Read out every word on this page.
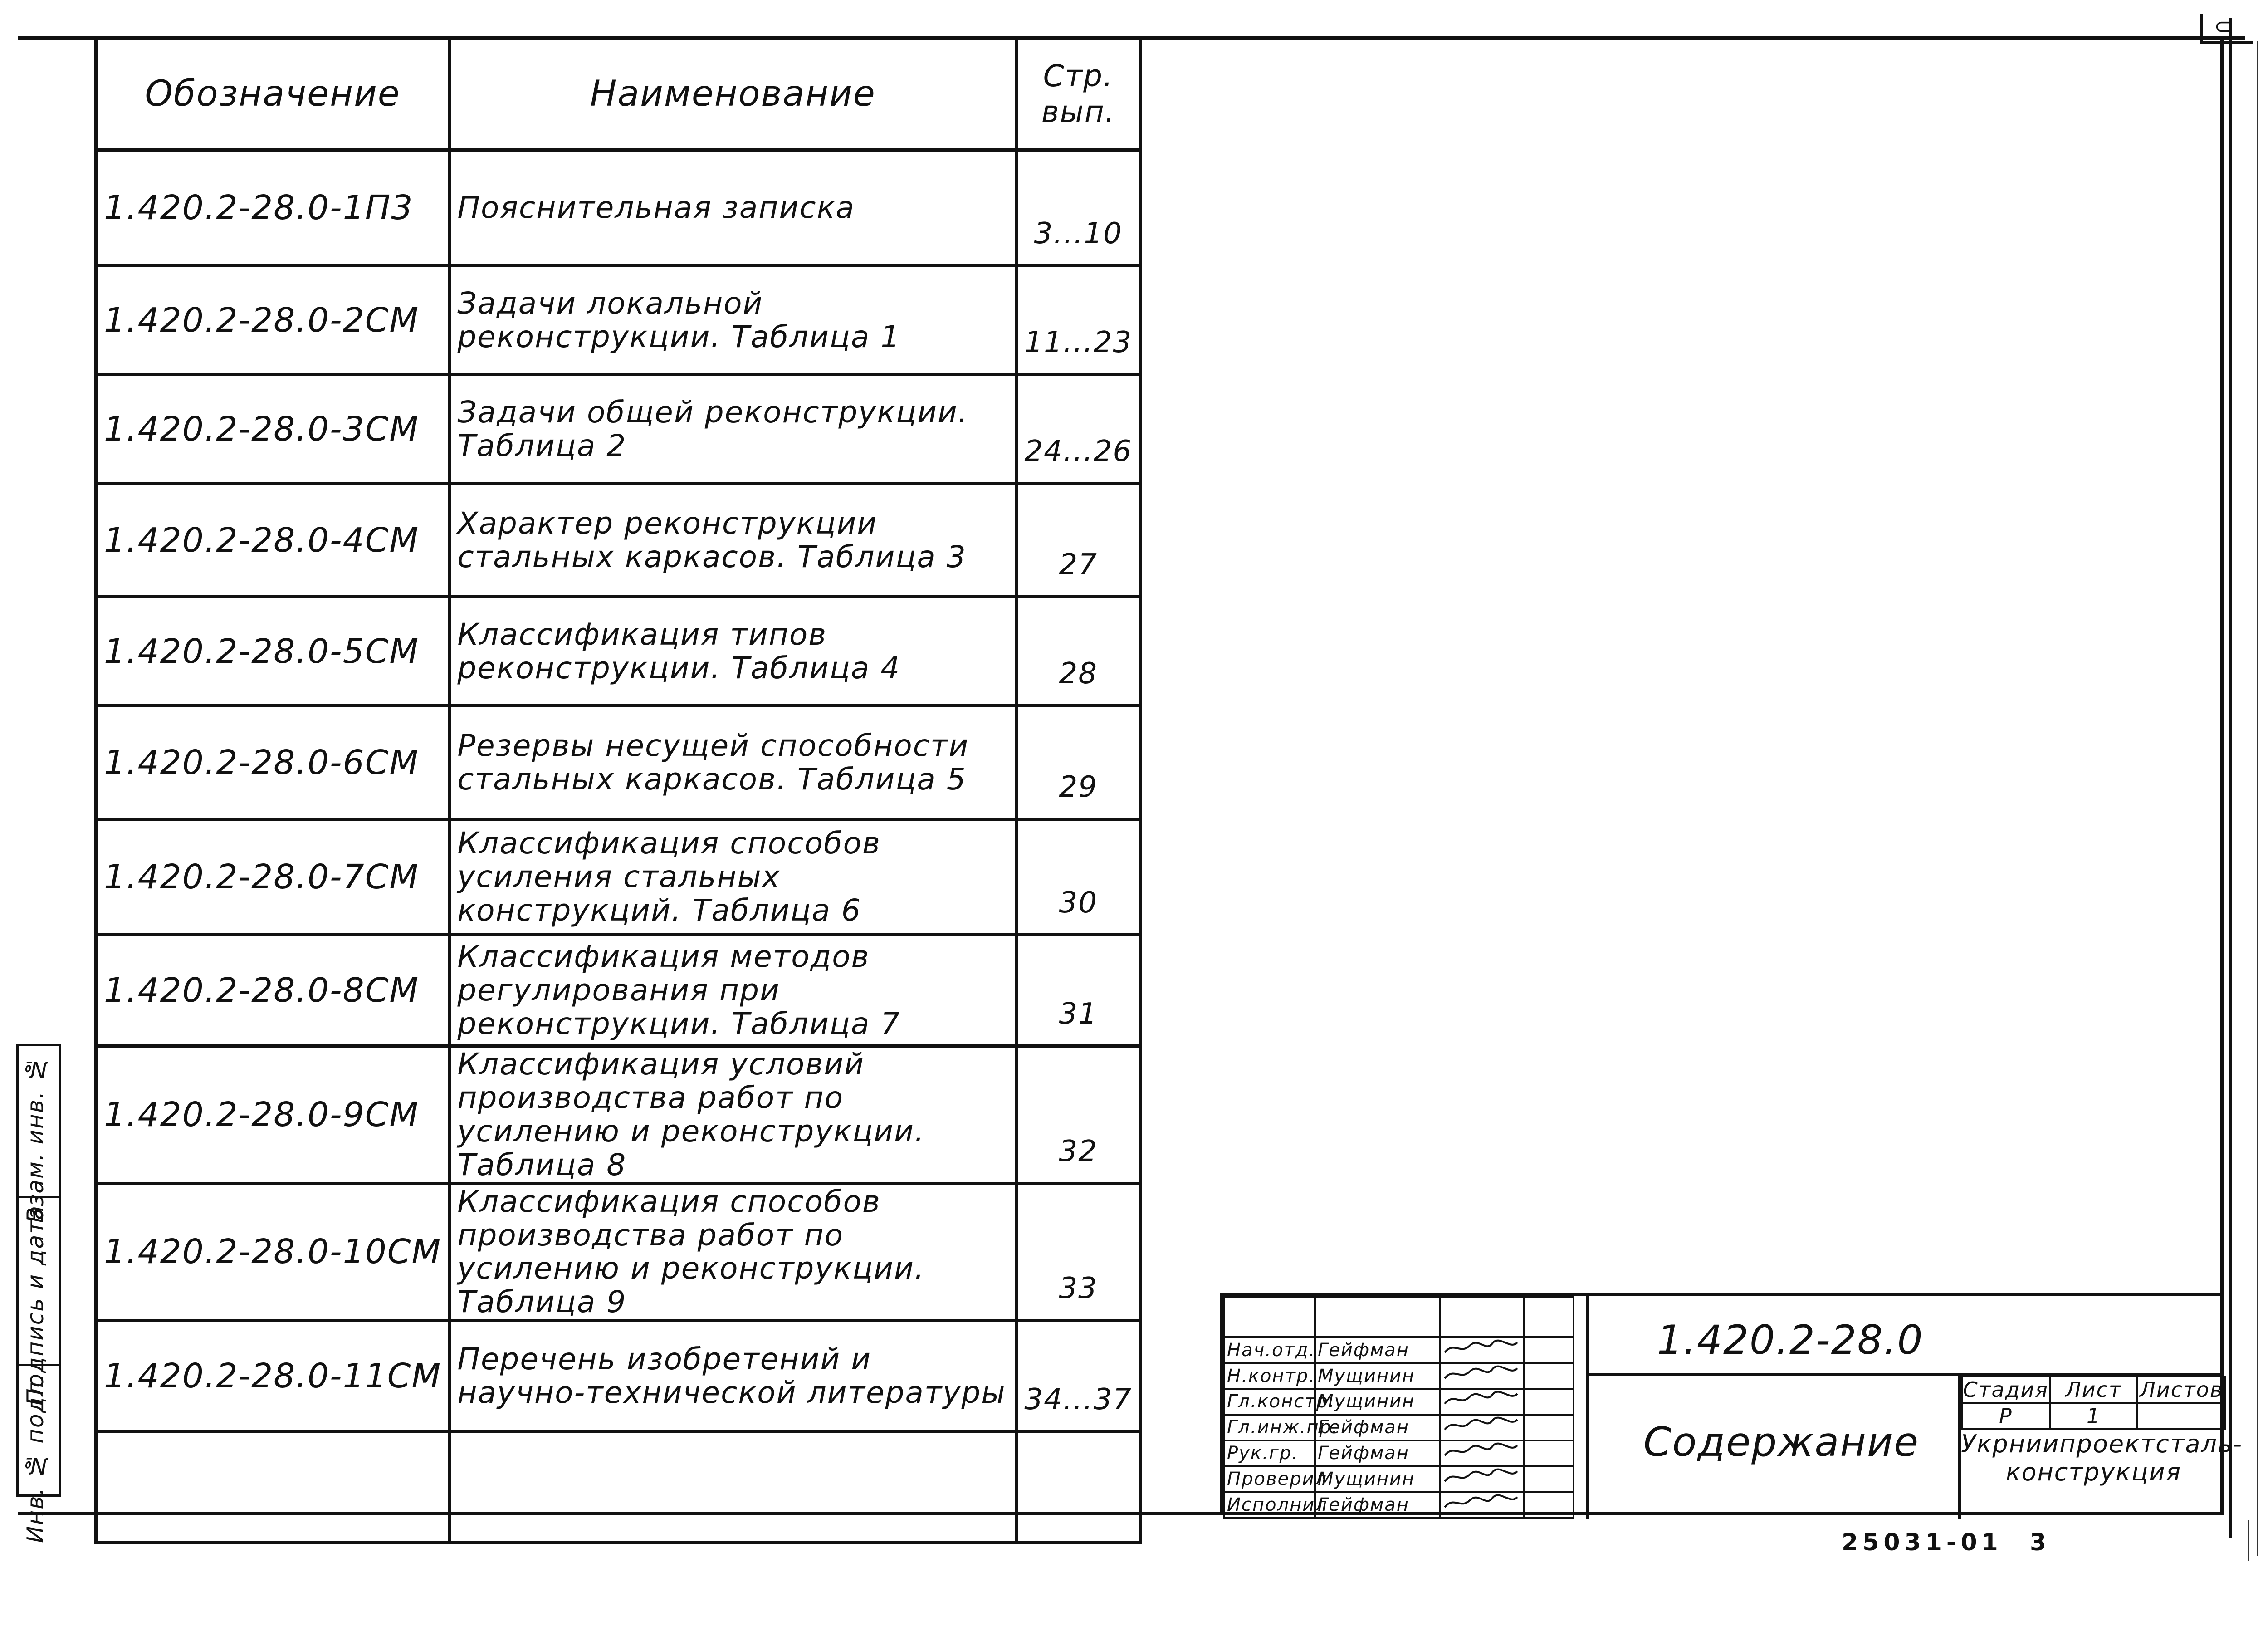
⊂
Обозначение	Наименование	Стр. вып.
1.420.2-28.0-1П3	Пояснительная записка	3...10
1.420.2-28.0-2СМ	Задачи локальной реконструкции. Таблица 1	11...23
1.420.2-28.0-3СМ	Задачи общей реконструкции. Таблица 2	24...26
1.420.2-28.0-4СМ	Характер реконструкции стальных каркасов. Таблица 3	27
1.420.2-28.0-5СМ	Классификация типов реконструкции. Таблица 4	28
1.420.2-28.0-6СМ	Резервы несущей способности стальных каркасов. Таблица 5	29
1.420.2-28.0-7СМ	Классификация способов усиления стальных конструкций. Таблица 6	30
1.420.2-28.0-8СМ	Классификация методов регулирования при реконструкции. Таблица 7	31
1.420.2-28.0-9СМ	Классификация условий производства работ по усилению и реконструкции. Таблица 8	32
1.420.2-28.0-10СМ	Классификация способов производства работ по усилению и реконструкции. Таблица 9	33
1.420.2-28.0-11СМ	Перечень изобретений и научно-технической литературы	34...37

Взам. инв. №
Подпись и дата
Инв. № подл.

Нач.отд.	Гейфман		
Н.контр.	Мущинин		
Гл.констр.	Мущинин		
Гл.инж.пр.	Гейфман		
Рук.гр.	Гейфман		
Проверил	Мущинин		
Исполнил	Гейфман		
1.420.2-28.0
Содержание
Стадия	Лист	Листов
Р	1	
Укрниипроектсталь-конструкция
25031-01 3
